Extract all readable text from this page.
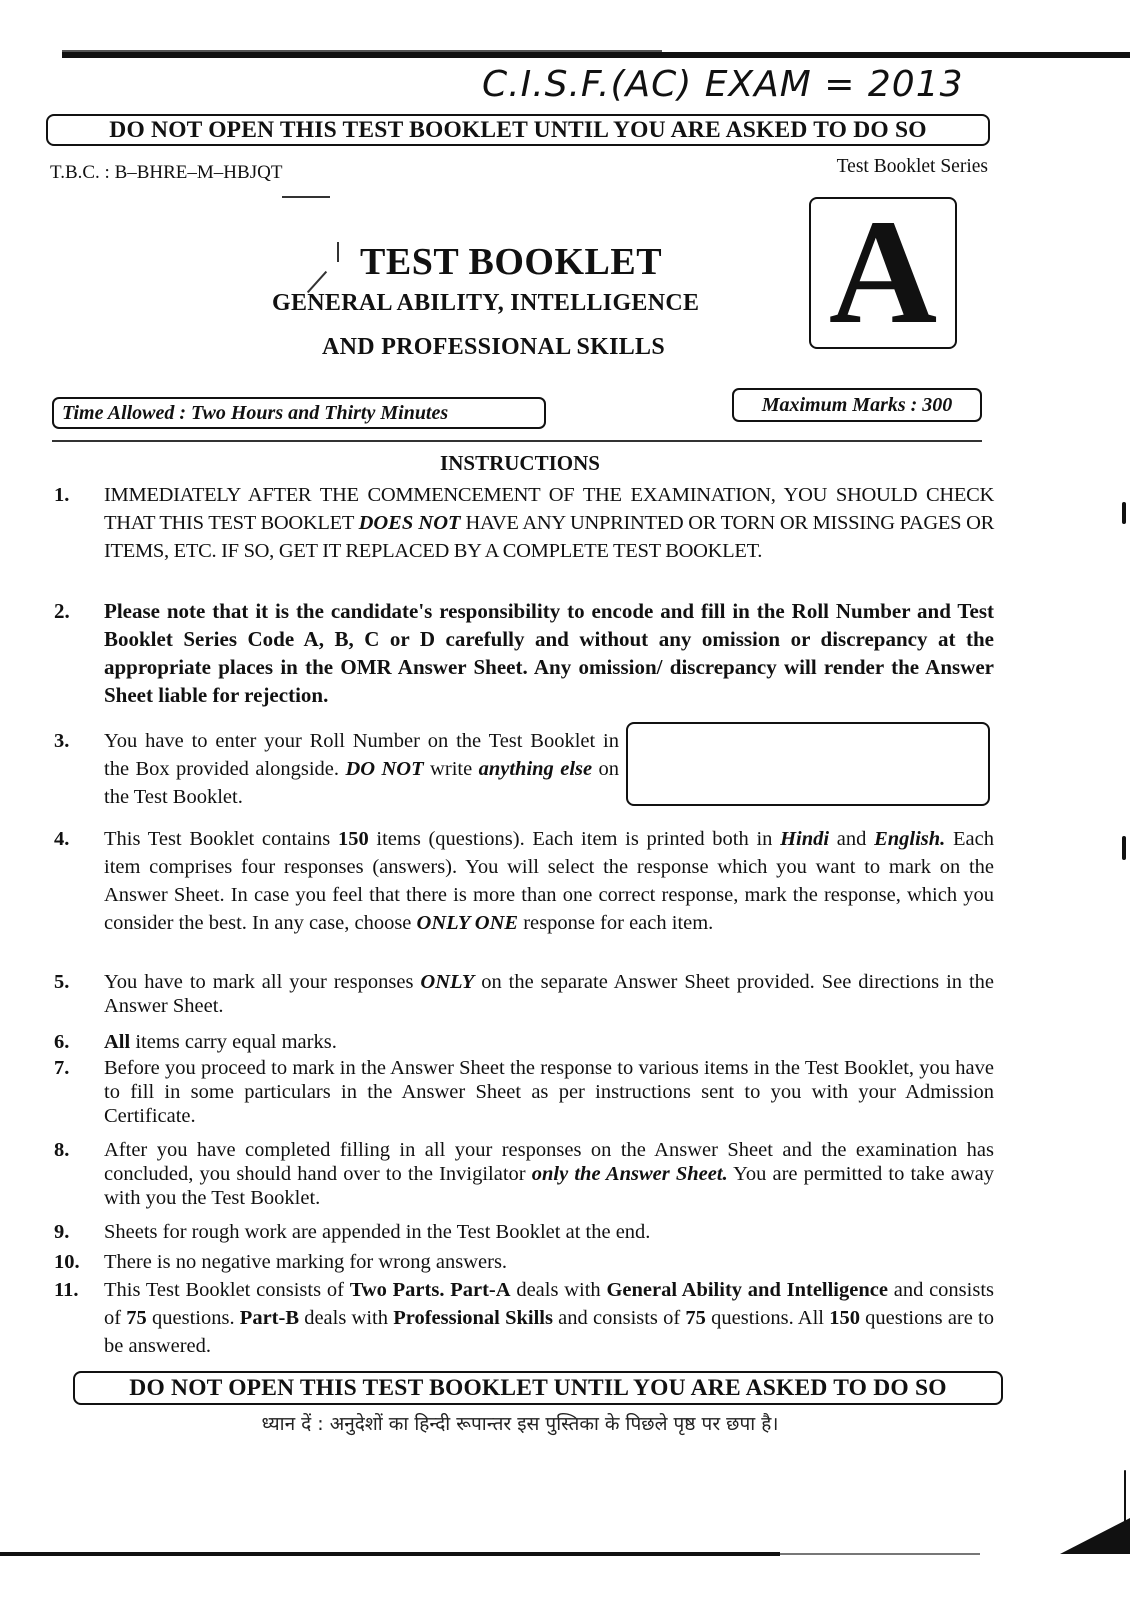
C.I.S.F.(AC) EXAM = 2013
DO NOT OPEN THIS TEST BOOKLET UNTIL YOU ARE ASKED TO DO SO
T.B.C. : B–BHRE–M–HBJQT	Test Booklet Series
A
TEST BOOKLET
GENERAL ABILITY, INTELLIGENCE
AND PROFESSIONAL SKILLS
Time Allowed : Two Hours and Thirty Minutes	Maximum Marks : 300
INSTRUCTIONS
1. IMMEDIATELY AFTER THE COMMENCEMENT OF THE EXAMINATION, YOU SHOULD CHECK THAT THIS TEST BOOKLET DOES NOT HAVE ANY UNPRINTED OR TORN OR MISSING PAGES OR ITEMS, ETC. IF SO, GET IT REPLACED BY A COMPLETE TEST BOOKLET.
2. Please note that it is the candidate's responsibility to encode and fill in the Roll Number and Test Booklet Series Code A, B, C or D carefully and without any omission or discrepancy at the appropriate places in the OMR Answer Sheet. Any omission/ discrepancy will render the Answer Sheet liable for rejection.
3. You have to enter your Roll Number on the Test Booklet in the Box provided alongside. DO NOT write anything else on the Test Booklet.
4. This Test Booklet contains 150 items (questions). Each item is printed both in Hindi and English. Each item comprises four responses (answers). You will select the response which you want to mark on the Answer Sheet. In case you feel that there is more than one correct response, mark the response, which you consider the best. In any case, choose ONLY ONE response for each item.
5. You have to mark all your responses ONLY on the separate Answer Sheet provided. See directions in the Answer Sheet.
6. All items carry equal marks.
7. Before you proceed to mark in the Answer Sheet the response to various items in the Test Booklet, you have to fill in some particulars in the Answer Sheet as per instructions sent to you with your Admission Certificate.
8. After you have completed filling in all your responses on the Answer Sheet and the examination has concluded, you should hand over to the Invigilator only the Answer Sheet. You are permitted to take away with you the Test Booklet.
9. Sheets for rough work are appended in the Test Booklet at the end.
10. There is no negative marking for wrong answers.
11. This Test Booklet consists of Two Parts. Part-A deals with General Ability and Intelligence and consists of 75 questions. Part-B deals with Professional Skills and consists of 75 questions. All 150 questions are to be answered.
DO NOT OPEN THIS TEST BOOKLET UNTIL YOU ARE ASKED TO DO SO
ध्यान दें : अनुदेशों का हिन्दी रूपान्तर इस पुस्तिका के पिछले पृष्ठ पर छपा है।
